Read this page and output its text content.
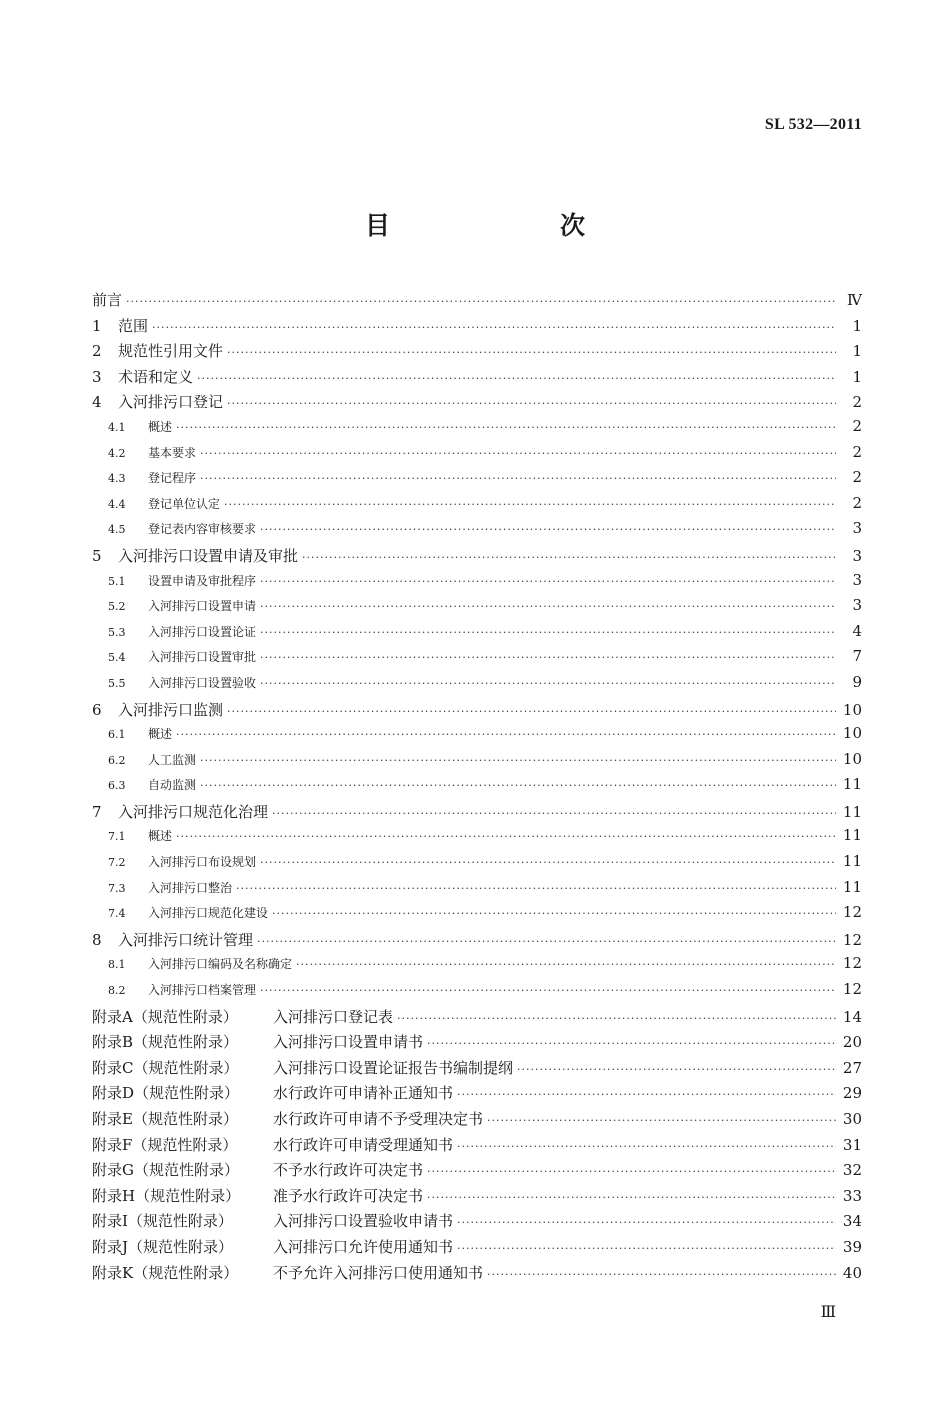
SL 532—2011
目　　次
前言 ·····	Ⅳ
1	范围 ·····	1
2	规范性引用文件 ·····	1
3	术语和定义 ·····	1
4	入河排污口登记 ·····	2
4.1	概述 ·····	2
4.2	基本要求 ·····	2
4.3	登记程序 ·····	2
4.4	登记单位认定 ·····	2
4.5	登记表内容审核要求 ·····	3
5	入河排污口设置申请及审批 ·····	3
5.1	设置申请及审批程序 ·····	3
5.2	入河排污口设置申请 ·····	3
5.3	入河排污口设置论证 ·····	4
5.4	入河排污口设置审批 ·····	7
5.5	入河排污口设置验收 ·····	9
6	入河排污口监测 ·····	10
6.1	概述 ·····	10
6.2	人工监测 ·····	10
6.3	自动监测 ·····	11
7	入河排污口规范化治理 ·····	11
7.1	概述 ·····	11
7.2	入河排污口布设规划 ·····	11
7.3	入河排污口整治 ·····	11
7.4	入河排污口规范化建设 ·····	12
8	入河排污口统计管理 ·····	12
8.1	入河排污口编码及名称确定 ·····	12
8.2	入河排污口档案管理 ·····	12
附录A（规范性附录）	入河排污口登记表 ·····	14
附录B（规范性附录）	入河排污口设置申请书 ·····	20
附录C（规范性附录）	入河排污口设置论证报告书编制提纲 ·····	27
附录D（规范性附录）	水行政许可申请补正通知书 ·····	29
附录E（规范性附录）	水行政许可申请不予受理决定书 ·····	30
附录F（规范性附录）	水行政许可申请受理通知书 ·····	31
附录G（规范性附录）	不予水行政许可决定书 ·····	32
附录H（规范性附录）	准予水行政许可决定书 ·····	33
附录I（规范性附录）	入河排污口设置验收申请书 ·····	34
附录J（规范性附录）	入河排污口允许使用通知书 ·····	39
附录K（规范性附录）	不予允许入河排污口使用通知书 ·····	40
Ⅲ
